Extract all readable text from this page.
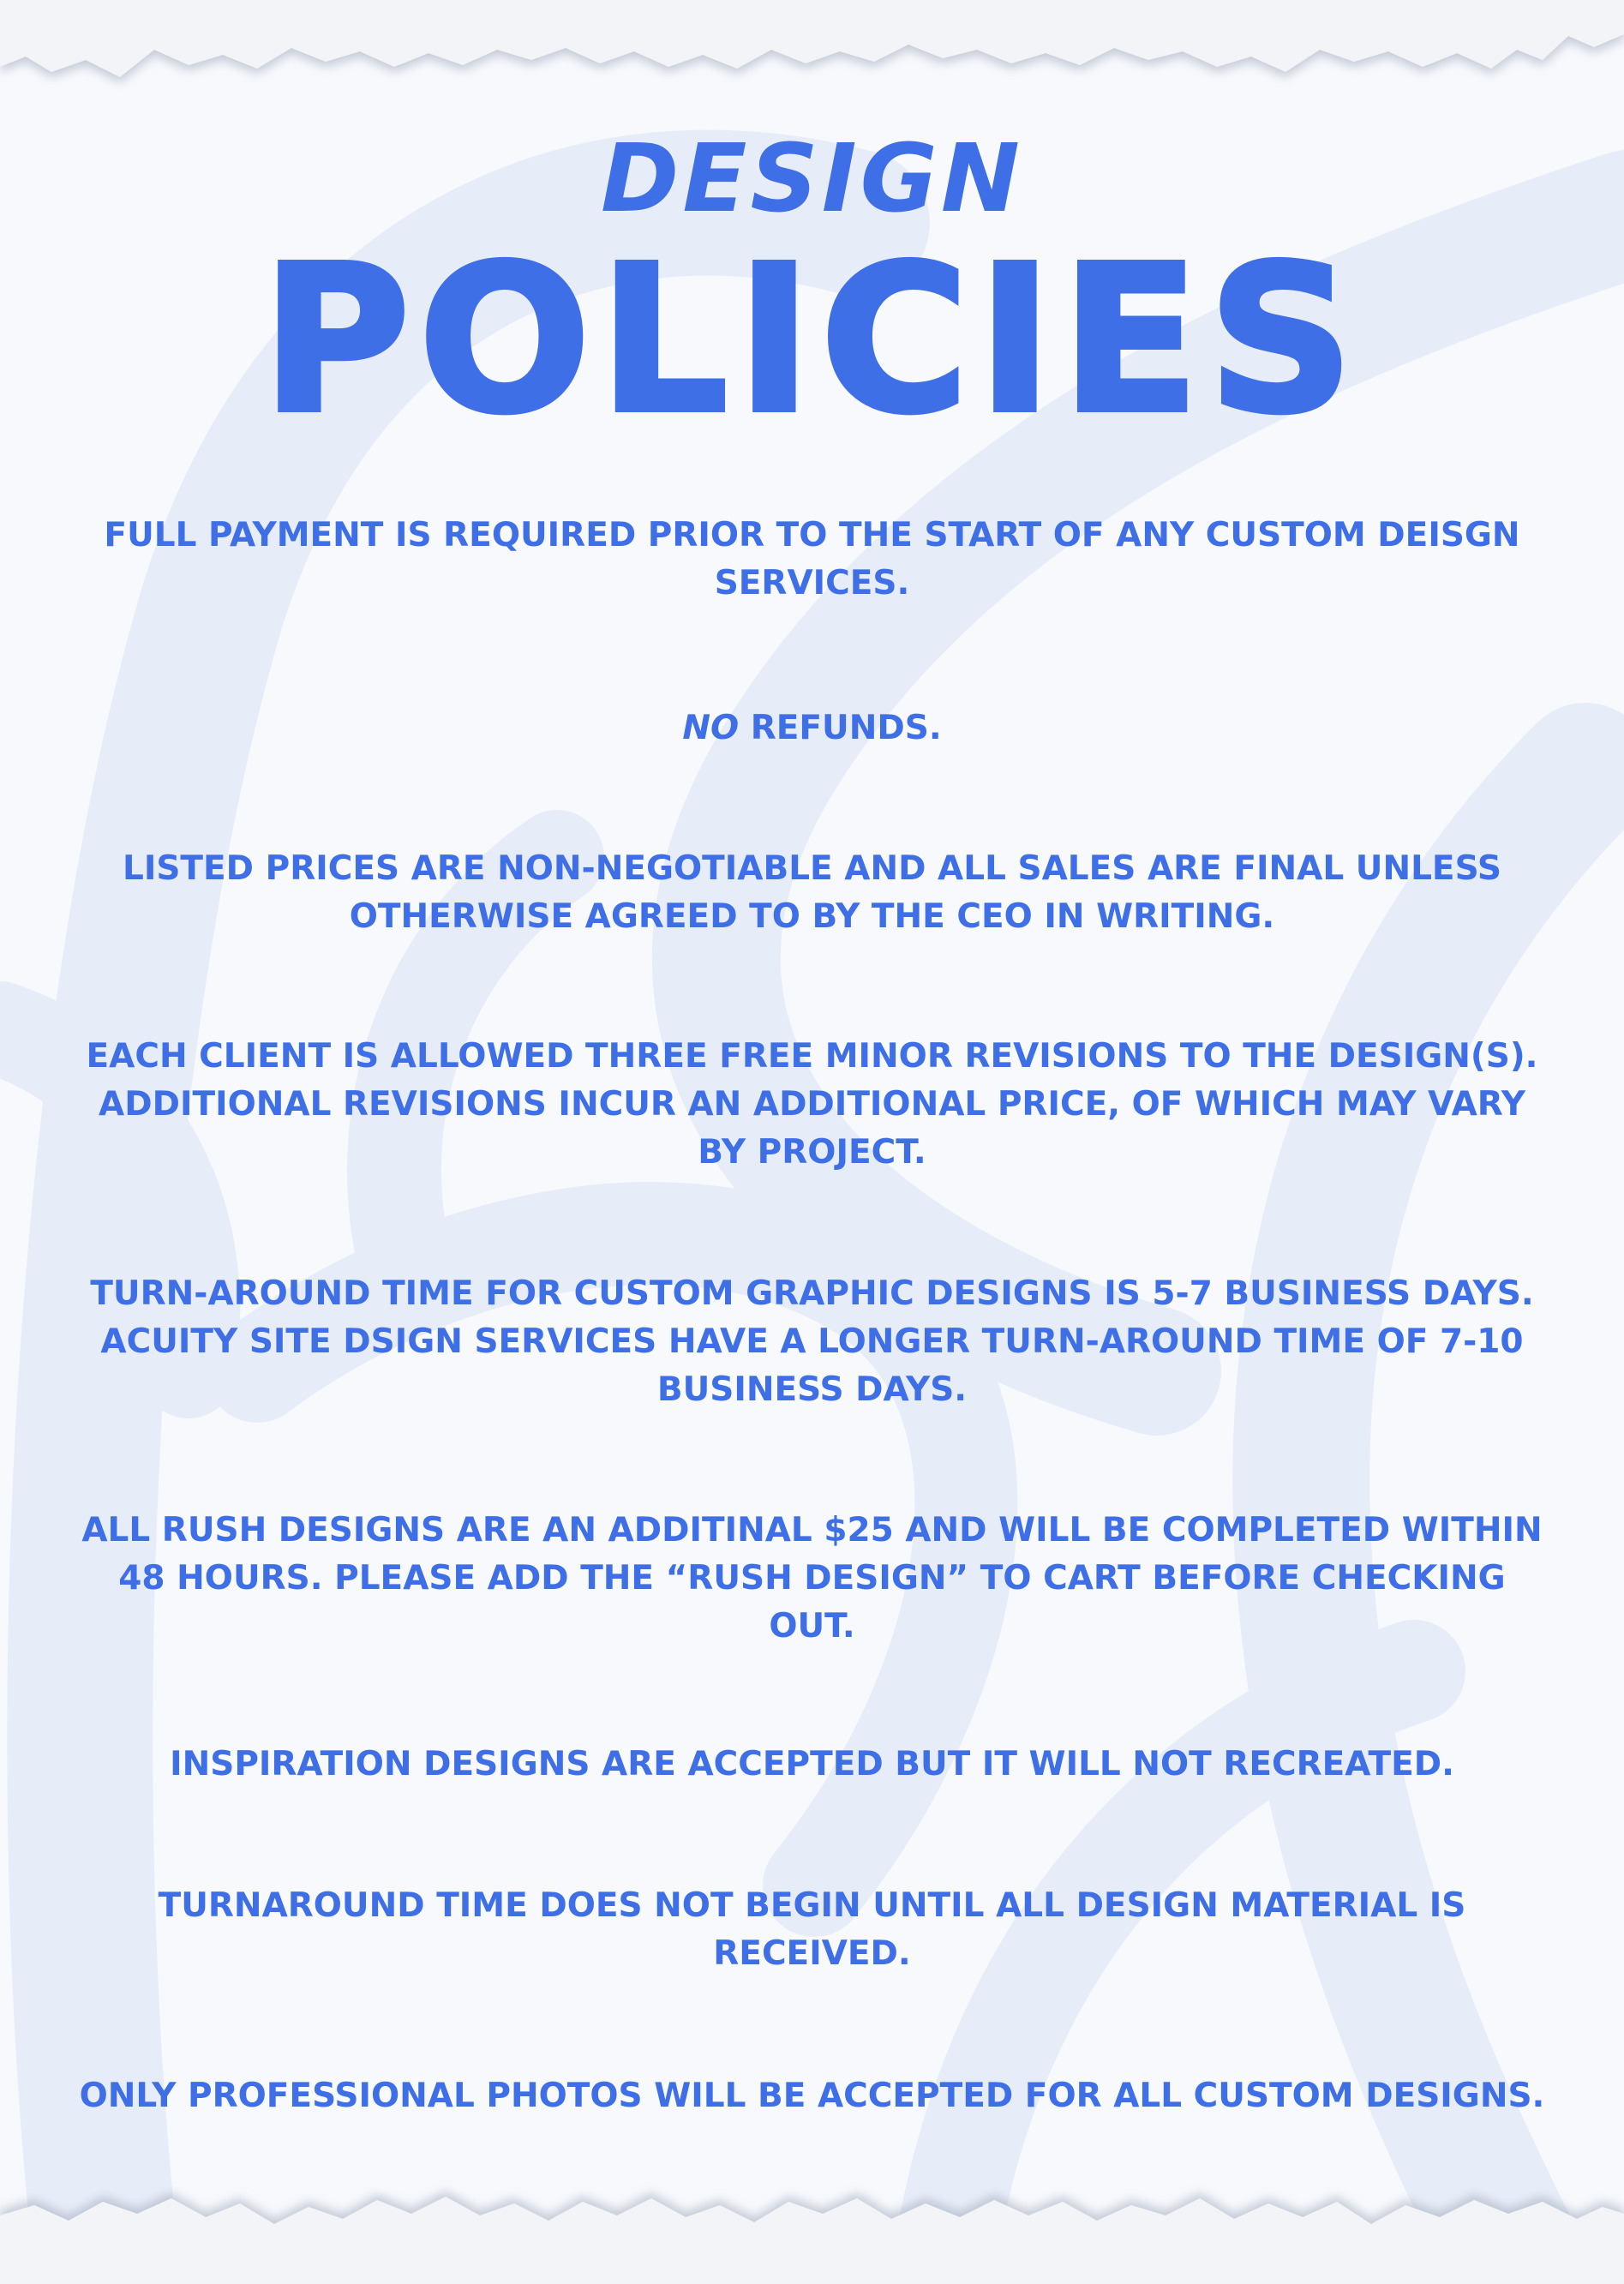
DESIGN
POLICIES
FULL PAYMENT IS REQUIRED PRIOR TO THE START OF ANY CUSTOM DEISGN SERVICES.
NO REFUNDS.
LISTED PRICES ARE NON-NEGOTIABLE AND ALL SALES ARE FINAL UNLESS OTHERWISE AGREED TO BY THE CEO IN WRITING.
EACH CLIENT IS ALLOWED THREE FREE MINOR REVISIONS TO THE DESIGN(S). ADDITIONAL REVISIONS INCUR AN ADDITIONAL PRICE, OF WHICH MAY VARY BY PROJECT.
TURN-AROUND TIME FOR CUSTOM GRAPHIC DESIGNS IS 5-7 BUSINESS DAYS. ACUITY SITE DSIGN SERVICES HAVE A LONGER TURN-AROUND TIME OF 7-10 BUSINESS DAYS.
ALL RUSH DESIGNS ARE AN ADDITINAL $25 AND WILL BE COMPLETED WITHIN 48 HOURS. PLEASE ADD THE “RUSH DESIGN” TO CART BEFORE CHECKING OUT.
INSPIRATION DESIGNS ARE ACCEPTED BUT IT WILL NOT RECREATED.
TURNAROUND TIME DOES NOT BEGIN UNTIL ALL DESIGN MATERIAL IS RECEIVED.
ONLY PROFESSIONAL PHOTOS WILL BE ACCEPTED FOR ALL CUSTOM DESIGNS.
